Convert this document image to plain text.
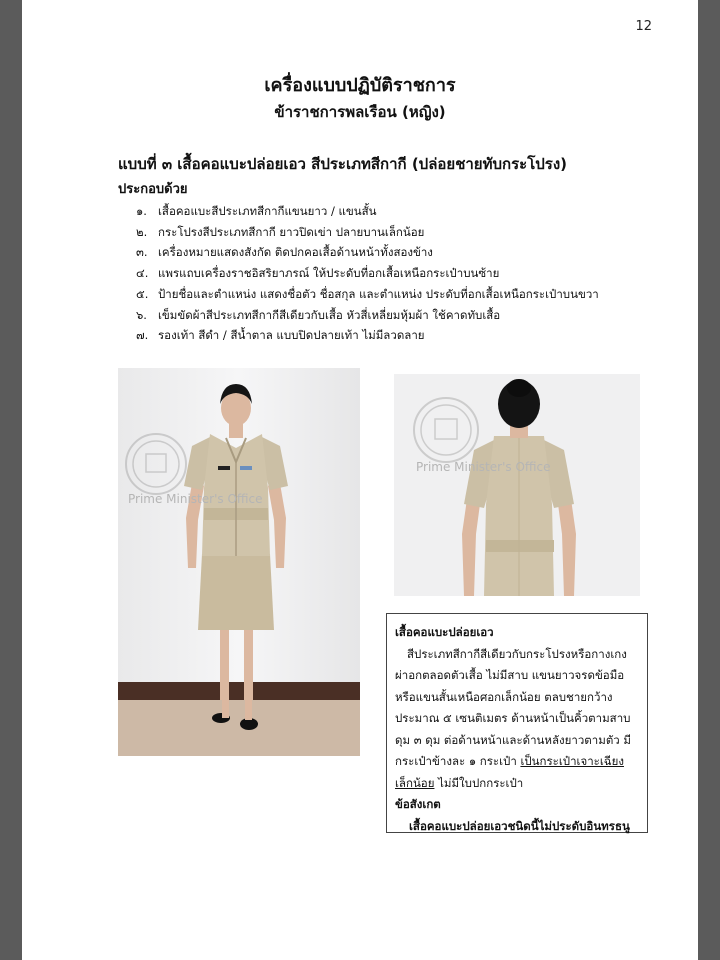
12
เครื่องแบบปฏิบัติราชการ
ข้าราชการพลเรือน (หญิง)
แบบที่ ๓ เสื้อคอแบะปล่อยเอว สีประเภทสีกากี (ปล่อยชายทับกระโปรง)
ประกอบด้วย
๑. เสื้อคอแบะสีประเภทสีกากีแขนยาว / แขนสั้น
๒. กระโปรงสีประเภทสีกากี ยาวปิดเข่า ปลายบานเล็กน้อย
๓. เครื่องหมายแสดงสังกัด ติดปกคอเสื้อด้านหน้าทั้งสองข้าง
๔. แพรแถบเครื่องราชอิสริยาภรณ์ ให้ประดับที่อกเสื้อเหนือกระเป๋าบนซ้าย
๕. ป้ายชื่อและตำแหน่ง แสดงชื่อตัว ชื่อสกุล และตำแหน่ง ประดับที่อกเสื้อเหนือกระเป๋าบนขวา
๖. เข็มขัดผ้าสีประเภทสีกากีสีเดียวกับเสื้อ หัวสี่เหลี่ยมหุ้มผ้า ใช้คาดทับเสื้อ
๗. รองเท้า สีดำ / สีน้ำตาล แบบปิดปลายเท้า ไม่มีลวดลาย
Prime Minister's Office
Prime Minister's Office
เสื้อคอแบะปล่อยเอว
สีประเภทสีกากีสีเดียวกับกระโปรงหรือกางเกง ผ่าอกตลอดตัวเสื้อ ไม่มีสาบ แขนยาวจรดข้อมือหรือแขนสั้นเหนือศอกเล็กน้อย ตลบชายกว้างประมาณ ๕ เซนติเมตร ด้านหน้าเป็นคิ้วตามสาบ ดุม ๓ ดุม ต่อด้านหน้าและด้านหลังยาวตามตัว มีกระเป๋าข้างละ ๑ กระเป๋า เป็นกระเป๋าเจาะเฉียงเล็กน้อย ไม่มีใบปกกระเป๋า
ข้อสังเกต
เสื้อคอแบะปล่อยเอวชนิดนี้ไม่ประดับอินทรธนู
